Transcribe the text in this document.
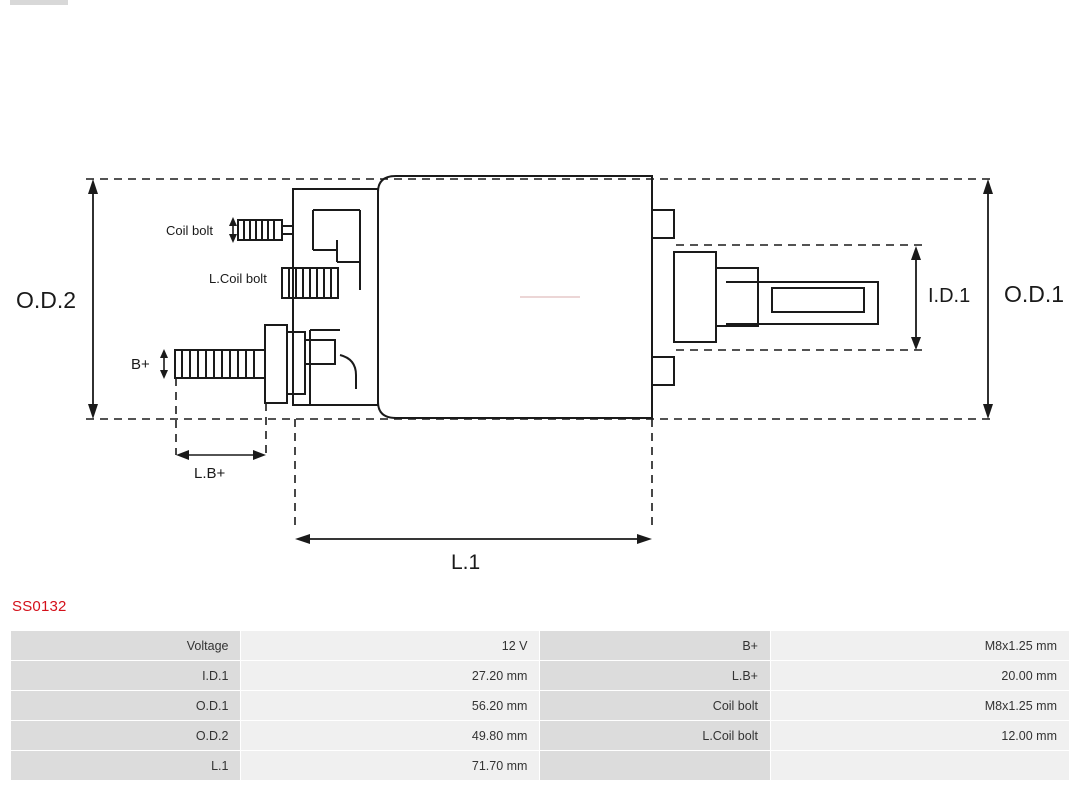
O.D.2	O.D.1
I.D.1
Coil bolt
L.Coil bolt
B+
L.B+
L.1
SS0132
Voltage	12 V	B+	M8x1.25 mm
I.D.1	27.20 mm	L.B+	20.00 mm
O.D.1	56.20 mm	Coil bolt	M8x1.25 mm
O.D.2	49.80 mm	L.Coil bolt	12.00 mm
L.1	71.70 mm		
